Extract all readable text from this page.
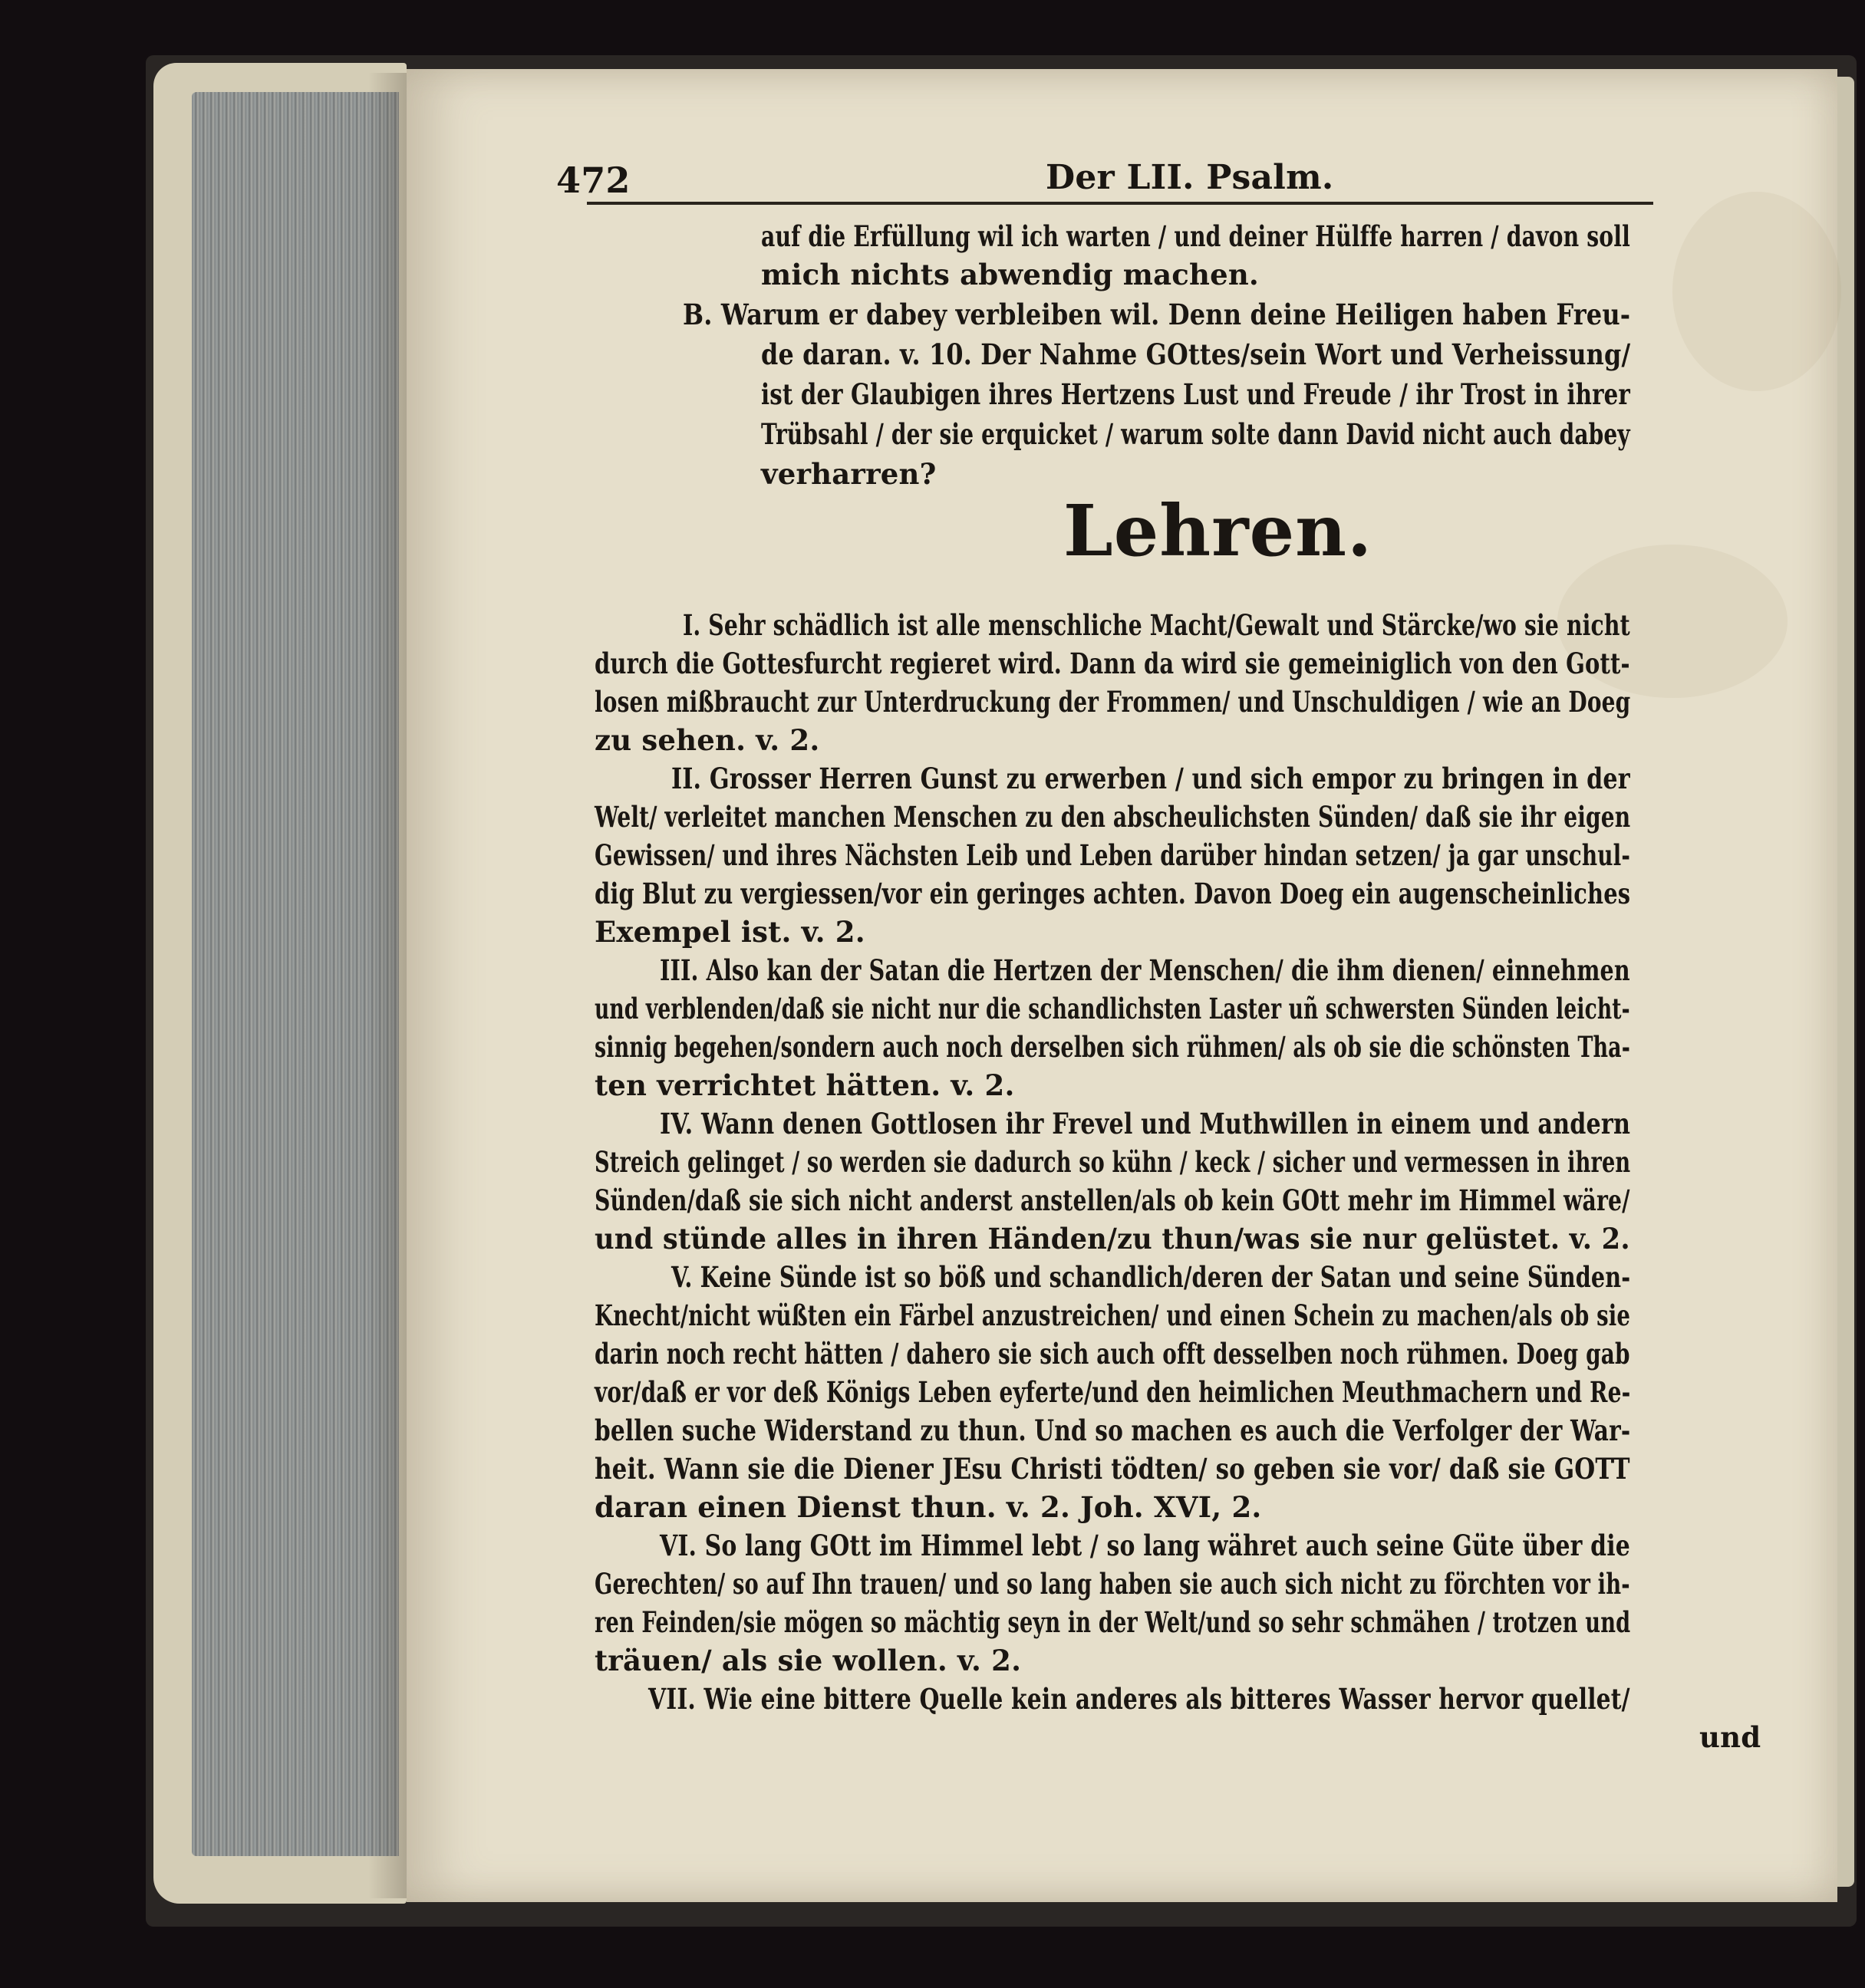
472	Der LII. Psalm.
auf die Erfüllung wil ich warten / und deiner Hülffe harren / davon soll
mich nichts abwendig machen.
B. Warum er dabey verbleiben wil. Denn deine Heiligen haben Freu-
de daran. v. 10. Der Nahme GOttes/sein Wort und Verheissung/
ist der Glaubigen ihres Hertzens Lust und Freude / ihr Trost in ihrer
Trübsahl / der sie erquicket / warum solte dann David nicht auch dabey
verharren?
Lehren.
I. Sehr schädlich ist alle menschliche Macht/Gewalt und Stärcke/wo sie nicht
durch die Gottesfurcht regieret wird. Dann da wird sie gemeiniglich von den Gott-
losen mißbraucht zur Unterdruckung der Frommen/ und Unschuldigen / wie an Doeg
zu sehen. v. 2.
II. Grosser Herren Gunst zu erwerben / und sich empor zu bringen in der
Welt/ verleitet manchen Menschen zu den abscheulichsten Sünden/ daß sie ihr eigen
Gewissen/ und ihres Nächsten Leib und Leben darüber hindan setzen/ ja gar unschul-
dig Blut zu vergiessen/vor ein geringes achten. Davon Doeg ein augenscheinliches
Exempel ist. v. 2.
III. Also kan der Satan die Hertzen der Menschen/ die ihm dienen/ einnehmen
und verblenden/daß sie nicht nur die schandlichsten Laster uñ schwersten Sünden leicht-
sinnig begehen/sondern auch noch derselben sich rühmen/ als ob sie die schönsten Tha-
ten verrichtet hätten. v. 2.
IV. Wann denen Gottlosen ihr Frevel und Muthwillen in einem und andern
Streich gelinget / so werden sie dadurch so kühn / keck / sicher und vermessen in ihren
Sünden/daß sie sich nicht anderst anstellen/als ob kein GOtt mehr im Himmel wäre/
und stünde alles in ihren Händen/zu thun/was sie nur gelüstet. v. 2.
V. Keine Sünde ist so böß und schandlich/deren der Satan und seine Sünden-
Knecht/nicht wüßten ein Färbel anzustreichen/ und einen Schein zu machen/als ob sie
darin noch recht hätten / dahero sie sich auch offt desselben noch rühmen. Doeg gab
vor/daß er vor deß Königs Leben eyferte/und den heimlichen Meuthmachern und Re-
bellen suche Widerstand zu thun. Und so machen es auch die Verfolger der War-
heit. Wann sie die Diener JEsu Christi tödten/ so geben sie vor/ daß sie GOTT
daran einen Dienst thun. v. 2. Joh. XVI, 2.
VI. So lang GOtt im Himmel lebt / so lang währet auch seine Güte über die
Gerechten/ so auf Ihn trauen/ und so lang haben sie auch sich nicht zu förchten vor ih-
ren Feinden/sie mögen so mächtig seyn in der Welt/und so sehr schmähen / trotzen und
träuen/ als sie wollen. v. 2.
VII. Wie eine bittere Quelle kein anderes als bitteres Wasser hervor quellet/
und
